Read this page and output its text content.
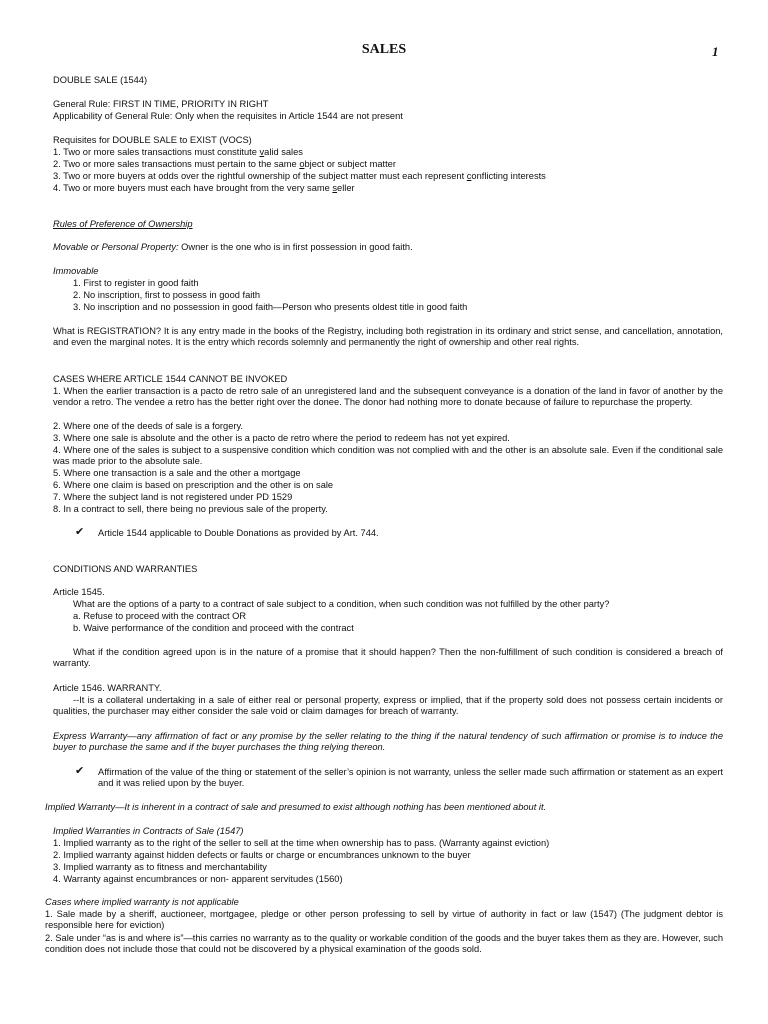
SALES	1
DOUBLE SALE (1544)
General Rule: FIRST IN TIME, PRIORITY IN RIGHT
Applicability of General Rule: Only when the requisites in Article 1544 are not present
Requisites for DOUBLE SALE to EXIST (VOCS)
1. Two or more sales transactions must constitute valid sales
2. Two or more sales transactions must pertain to the same object or subject matter
3. Two or more buyers at odds over the rightful ownership of the subject matter must each represent conflicting interests
4. Two or more buyers must each have brought from the very same seller
Rules of Preference of Ownership
Movable or Personal Property: Owner is the one who is in first possession in good faith.
Immovable
1. First to register in good faith
2. No inscription, first to possess in good faith
3. No inscription and no possession in good faith—Person who presents oldest title in good faith
What is REGISTRATION? It is any entry made in the books of the Registry, including both registration in its ordinary and strict sense, and cancellation, annotation, and even the marginal notes. It is the entry which records solemnly and permanently the right of ownership and other real rights.
CASES WHERE ARTICLE 1544 CANNOT BE INVOKED
1. When the earlier transaction is a pacto de retro sale of an unregistered land and the subsequent conveyance is a donation of the land in favor of another by the vendor a retro. The vendee a retro has the better right over the donee. The donor had nothing more to donate because of failure to repurchase the property.
2. Where one of the deeds of sale is a forgery.
3. Where one sale is absolute and the other is a pacto de retro where the period to redeem has not yet expired.
4. Where one of the sales is subject to a suspensive condition which condition was not complied with and the other is an absolute sale. Even if the conditional sale was made prior to the absolute sale.
5. Where one transaction is a sale and the other a mortgage
6. Where one claim is based on prescription and the other is on sale
7. Where the subject land is not registered under PD 1529
8. In a contract to sell, there being no previous sale of the property.
✔ Article 1544 applicable to Double Donations as provided by Art. 744.
CONDITIONS AND WARRANTIES
Article 1545.
What are the options of a party to a contract of sale subject to a condition, when such condition was not fulfilled by the other party?
a. Refuse to proceed with the contract OR
b. Waive performance of the condition and proceed with the contract
What if the condition agreed upon is in the nature of a promise that it should happen? Then the non-fulfillment of such condition is considered a breach of warranty.
Article 1546. WARRANTY.
--It is a collateral undertaking in a sale of either real or personal property, express or implied, that if the property sold does not possess certain incidents or qualities, the purchaser may either consider the sale void or claim damages for breach of warranty.
Express Warranty—any affirmation of fact or any promise by the seller relating to the thing if the natural tendency of such affirmation or promise is to induce the buyer to purchase the same and if the buyer purchases the thing relying thereon.
✔ Affirmation of the value of the thing or statement of the seller’s opinion is not warranty, unless the seller made such affirmation or statement as an expert and it was relied upon by the buyer.
Implied Warranty—It is inherent in a contract of sale and presumed to exist although nothing has been mentioned about it.
Implied Warranties in Contracts of Sale (1547)
1. Implied warranty as to the right of the seller to sell at the time when ownership has to pass. (Warranty against eviction)
2. Implied warranty against hidden defects or faults or charge or encumbrances unknown to the buyer
3. Implied warranty as to fitness and merchantability
4. Warranty against encumbrances or non- apparent servitudes (1560)
Cases where implied warranty is not applicable
1. Sale made by a sheriff, auctioneer, mortgagee, pledge or other person professing to sell by virtue of authority in fact or law (1547) (The judgment debtor is responsible here for eviction)
2. Sale under “as is and where is”—this carries no warranty as to the quality or workable condition of the goods and the buyer takes them as they are. However, such condition does not include those that could not be discovered by a physical examination of the goods sold.
